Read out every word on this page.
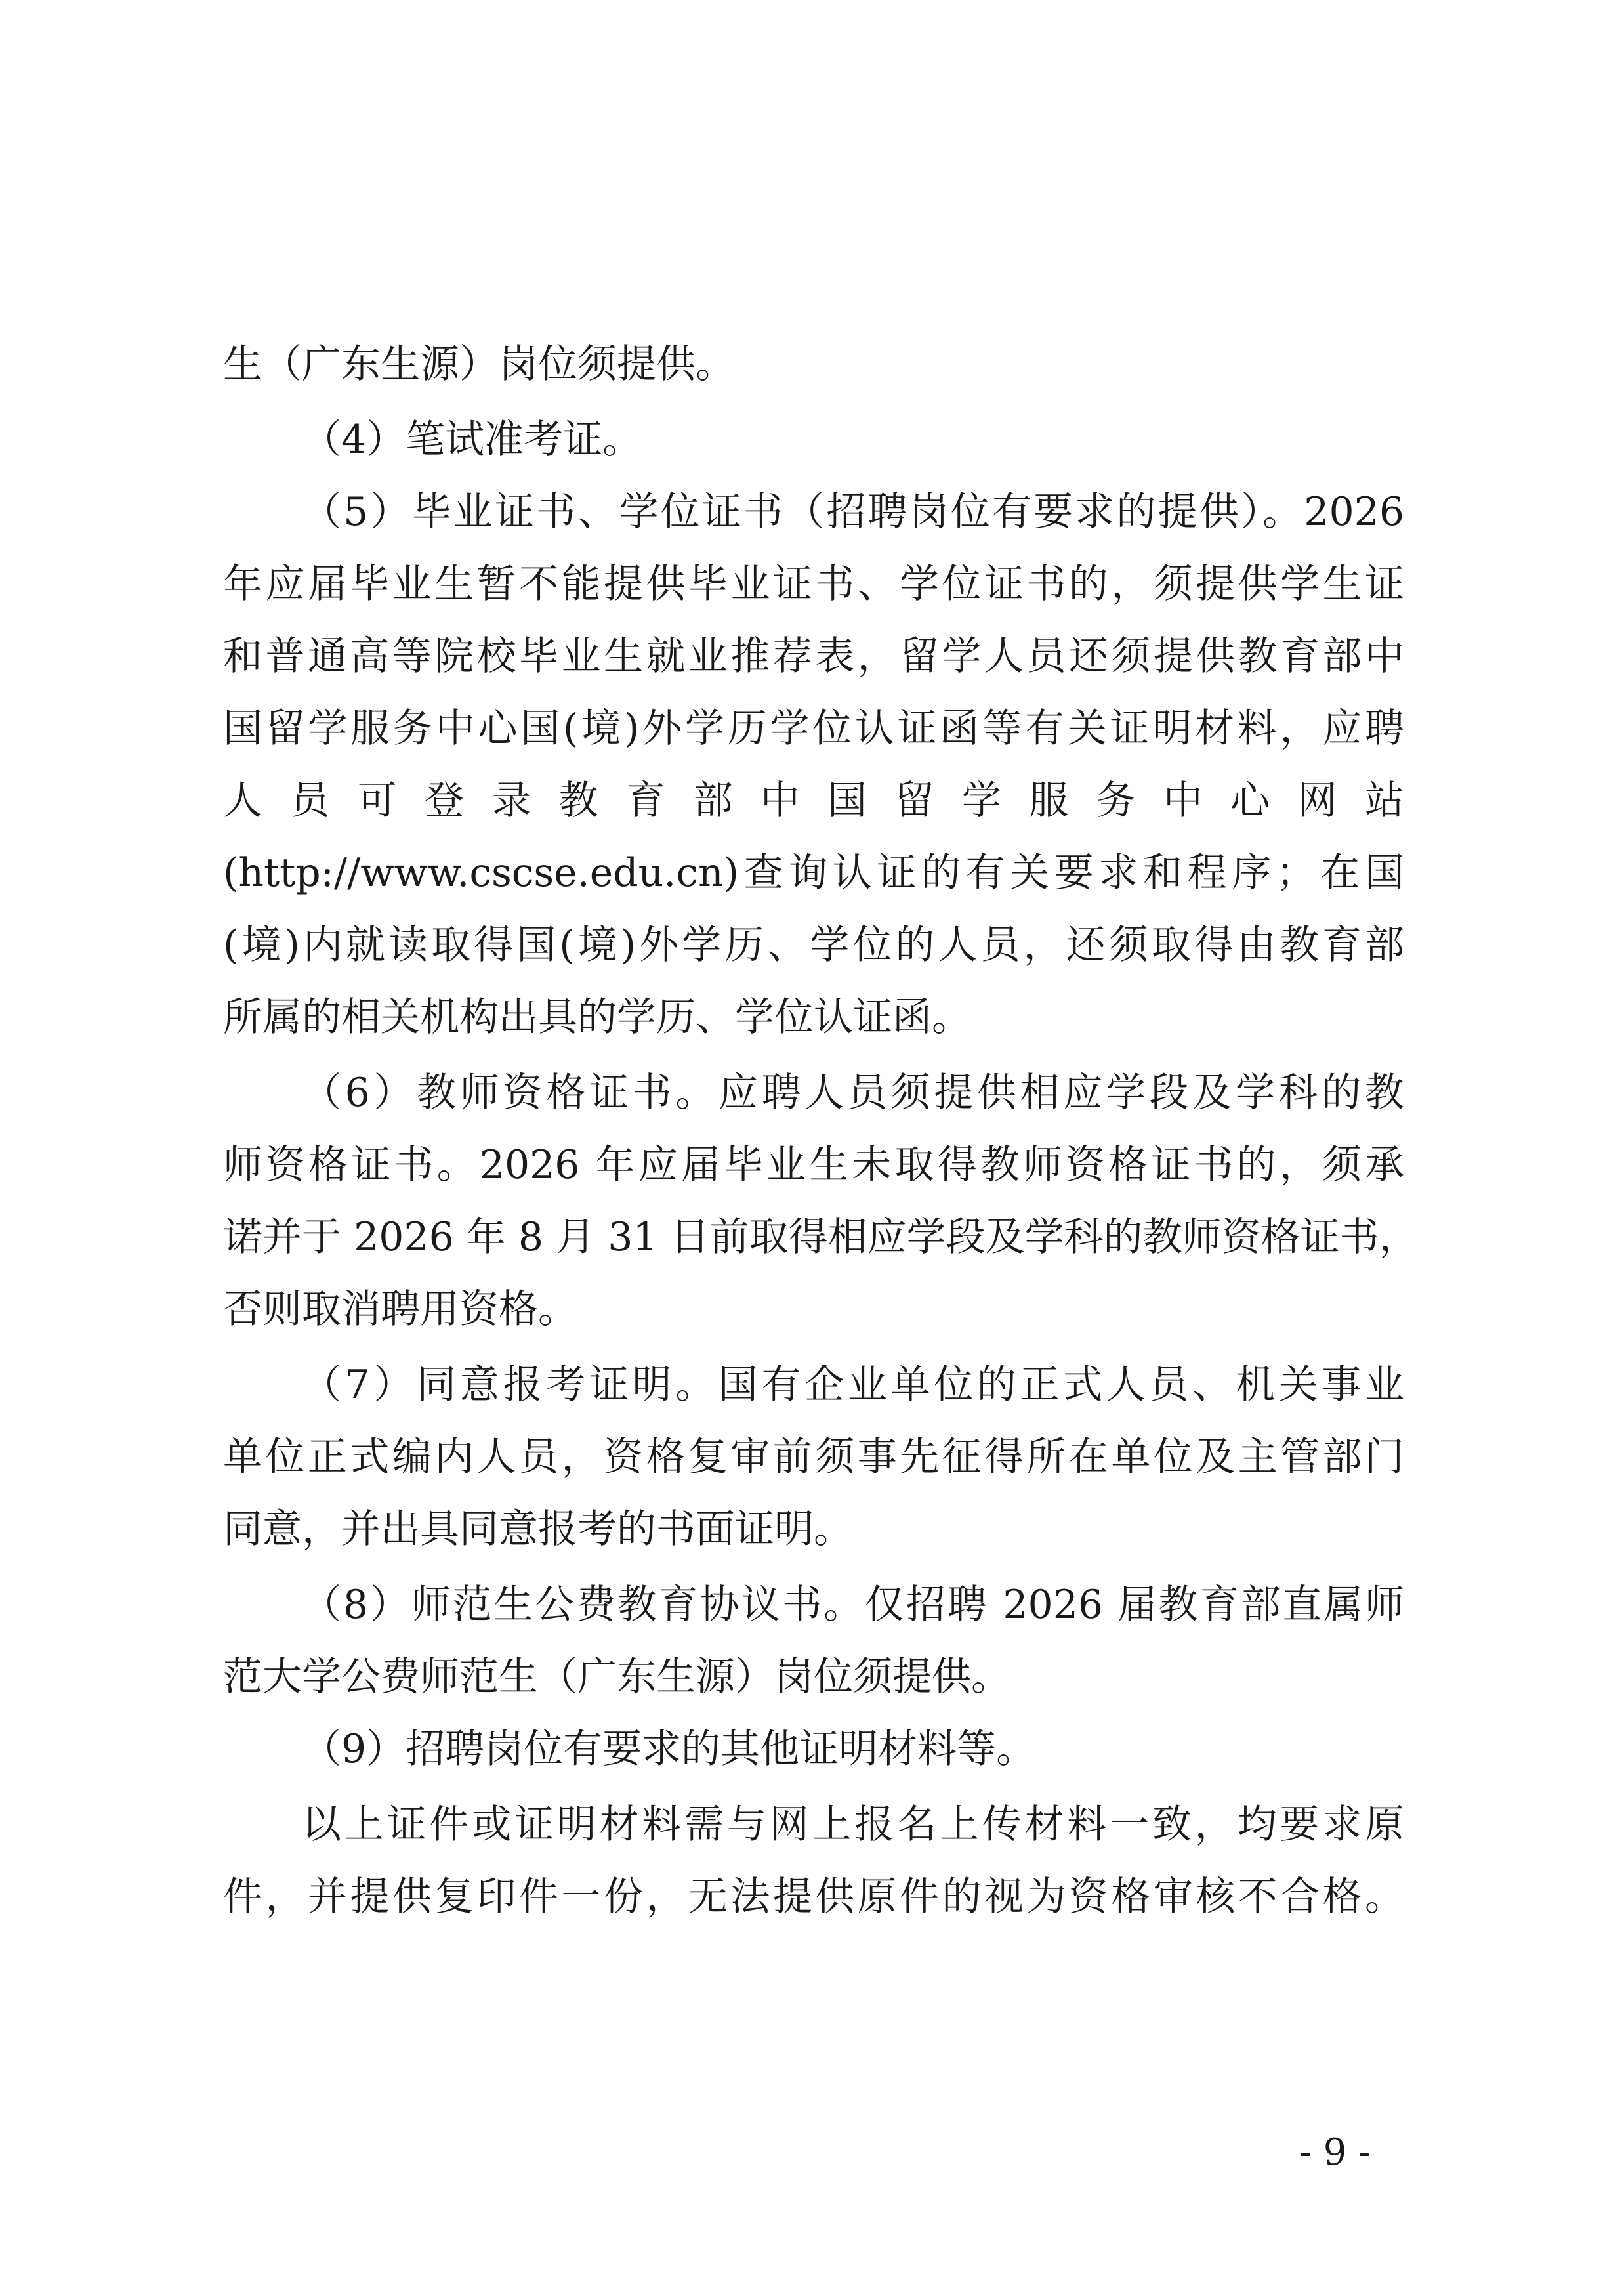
生（广东生源）岗位须提供。
（4）笔试准考证。
（5）毕业证书、学位证书（招聘岗位有要求的提供）。2026
年应届毕业生暂不能提供毕业证书、学位证书的，须提供学生证
和普通高等院校毕业生就业推荐表，留学人员还须提供教育部中
国留学服务中心国(境)外学历学位认证函等有关证明材料，应聘
人 员 可 登 录 教 育 部 中 国 留 学 服 务 中 心 网 站
(http://www.cscse.edu.cn)查询认证的有关要求和程序；在国
(境)内就读取得国(境)外学历、学位的人员，还须取得由教育部
所属的相关机构出具的学历、学位认证函。
（6）教师资格证书。应聘人员须提供相应学段及学科的教
师资格证书。2026 年应届毕业生未取得教师资格证书的，须承
诺并于 2026 年 8 月 31 日前取得相应学段及学科的教师资格证书，
否则取消聘用资格。
（7）同意报考证明。国有企业单位的正式人员、机关事业
单位正式编内人员，资格复审前须事先征得所在单位及主管部门
同意，并出具同意报考的书面证明。
（8）师范生公费教育协议书。仅招聘 2026 届教育部直属师
范大学公费师范生（广东生源）岗位须提供。
（9）招聘岗位有要求的其他证明材料等。
以上证件或证明材料需与网上报名上传材料一致，均要求原
件，并提供复印件一份，无法提供原件的视为资格审核不合格。
- 9 -
